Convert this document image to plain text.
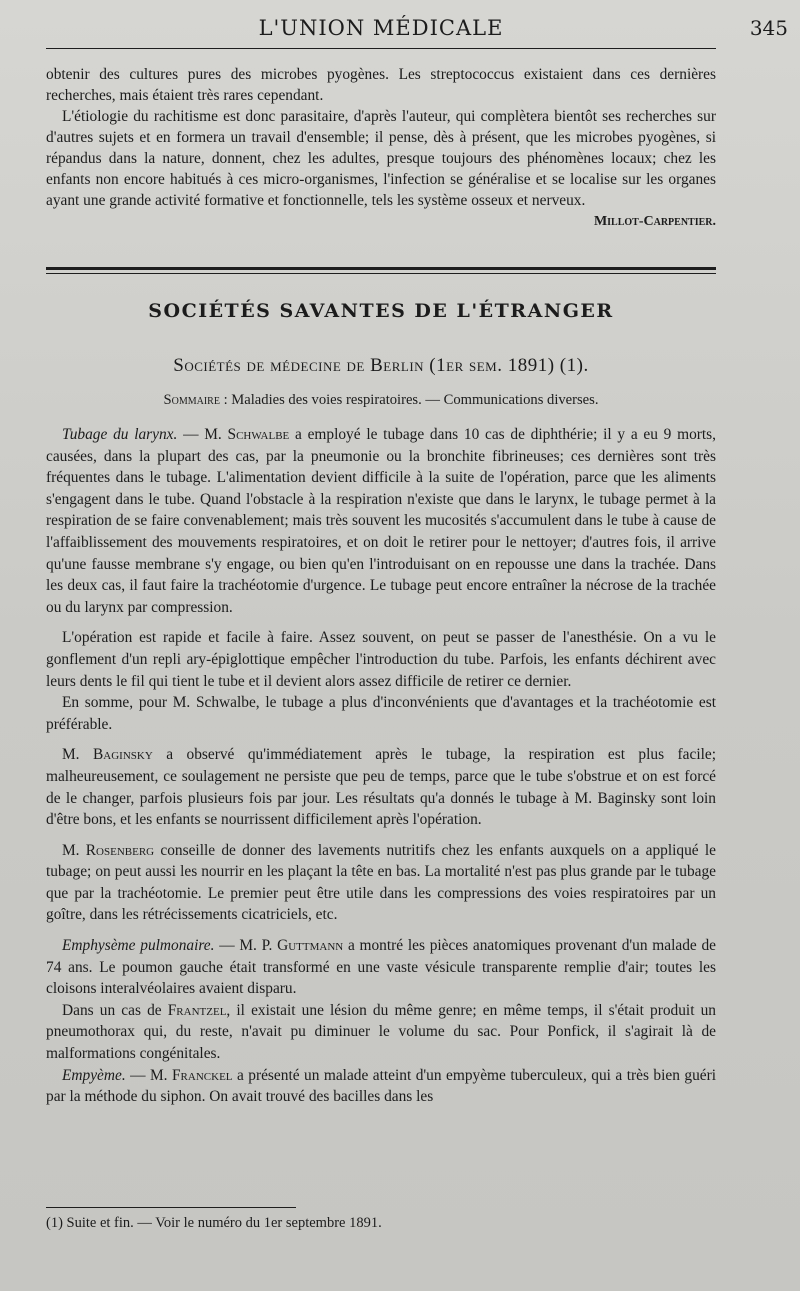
L'UNION MÉDICALE	345

obtenir des cultures pures des microbes pyogènes. Les streptococcus existaient dans ces dernières recherches, mais étaient très rares cependant.

L'étiologie du rachitisme est donc parasitaire, d'après l'auteur, qui complètera bientôt ses recherches sur d'autres sujets et en formera un travail d'ensemble; il pense, dès à présent, que les microbes pyogènes, si répandus dans la nature, donnent, chez les adultes, presque toujours des phénomènes locaux; chez les enfants non encore habitués à ces micro-organismes, l'infection se généralise et se localise sur les organes ayant une grande activité formative et fonctionnelle, tels les système osseux et nerveux.

Millot-Carpentier.

SOCIÉTÉS SAVANTES DE L'ÉTRANGER
Sociétés de médecine de Berlin (1er sem. 1891) (1).
Sommaire : Maladies des voies respiratoires. — Communications diverses.

Tubage du larynx. — M. Schwalbe a employé le tubage dans 10 cas de diphthérie; il y a eu 9 morts, causées, dans la plupart des cas, par la pneumonie ou la bronchite fibrineuses; ces dernières sont très fréquentes dans le tubage. L'alimentation devient difficile à la suite de l'opération, parce que les aliments s'engagent dans le tube. Quand l'obstacle à la respiration n'existe que dans le larynx, le tubage permet à la respiration de se faire convenablement; mais très souvent les mucosités s'accumulent dans le tube à cause de l'affaiblissement des mouvements respiratoires, et on doit le retirer pour le nettoyer; d'autres fois, il arrive qu'une fausse membrane s'y engage, ou bien qu'en l'introduisant on en repousse une dans la trachée. Dans les deux cas, il faut faire la trachéotomie d'urgence. Le tubage peut encore entraîner la nécrose de la trachée ou du larynx par compression.

L'opération est rapide et facile à faire. Assez souvent, on peut se passer de l'anesthésie. On a vu le gonflement d'un repli ary-épiglottique empêcher l'introduction du tube. Parfois, les enfants déchirent avec leurs dents le fil qui tient le tube et il devient alors assez difficile de retirer ce dernier.

En somme, pour M. Schwalbe, le tubage a plus d'inconvénients que d'avantages et la trachéotomie est préférable.

M. Baginsky a observé qu'immédiatement après le tubage, la respiration est plus facile; malheureusement, ce soulagement ne persiste que peu de temps, parce que le tube s'obstrue et on est forcé de le changer, parfois plusieurs fois par jour. Les résultats qu'a donnés le tubage à M. Baginsky sont loin d'être bons, et les enfants se nourrissent difficilement après l'opération.

M. Rosenberg conseille de donner des lavements nutritifs chez les enfants auxquels on a appliqué le tubage; on peut aussi les nourrir en les plaçant la tête en bas. La mortalité n'est pas plus grande par le tubage que par la trachéotomie. Le premier peut être utile dans les compressions des voies respiratoires par un goître, dans les rétrécissements cicatriciels, etc.

Emphysème pulmonaire. — M. P. Guttmann a montré les pièces anatomiques provenant d'un malade de 74 ans. Le poumon gauche était transformé en une vaste vésicule transparente remplie d'air; toutes les cloisons interalvéolaires avaient disparu.

Dans un cas de Frantzel, il existait une lésion du même genre; en même temps, il s'était produit un pneumothorax qui, du reste, n'avait pu diminuer le volume du sac. Pour Ponfick, il s'agirait là de malformations congénitales.

Empyème. — M. Franckel a présenté un malade atteint d'un empyème tuberculeux, qui a très bien guéri par la méthode du siphon. On avait trouvé des bacilles dans les

(1) Suite et fin. — Voir le numéro du 1er septembre 1891.
